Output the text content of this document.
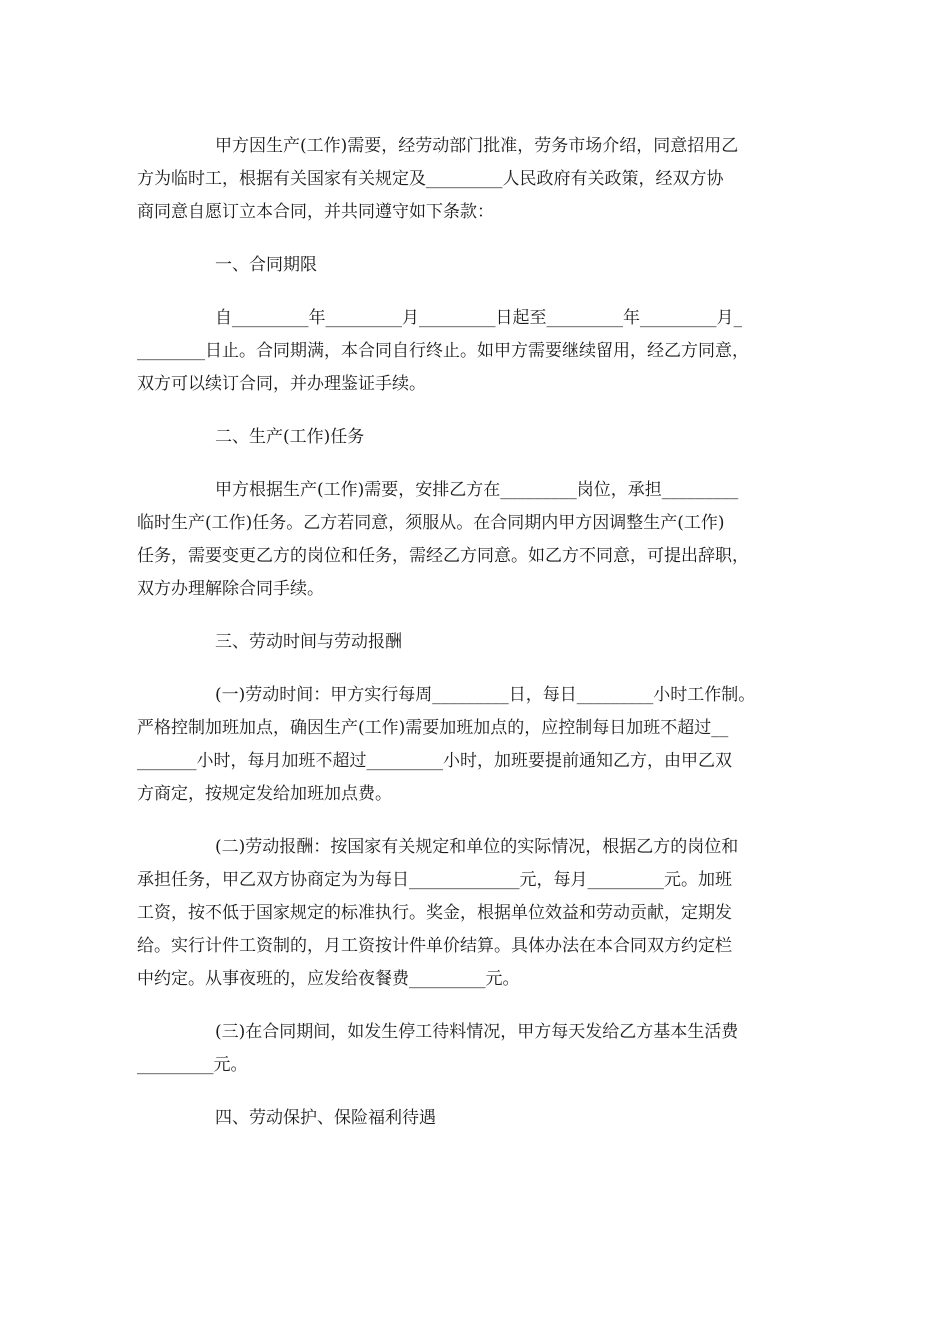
甲方因生产(工作)需要，经劳动部门批准，劳务市场介绍，同意招用乙
方为临时工，根据有关国家有关规定及_________人民政府有关政策，经双方协
商同意自愿订立本合同，并共同遵守如下条款：

一、合同期限

自_________年_________月_________日起至_________年_________月_
________日止。合同期满，本合同自行终止。如甲方需要继续留用，经乙方同意，
双方可以续订合同，并办理鉴证手续。

二、生产(工作)任务

甲方根据生产(工作)需要，安排乙方在_________岗位，承担_________
临时生产(工作)任务。乙方若同意，须服从。在合同期内甲方因调整生产(工作)
任务，需要变更乙方的岗位和任务，需经乙方同意。如乙方不同意，可提出辞职，
双方办理解除合同手续。

三、劳动时间与劳动报酬

(一)劳动时间：甲方实行每周_________日，每日_________小时工作制。
严格控制加班加点，确因生产(工作)需要加班加点的，应控制每日加班不超过__
_______小时，每月加班不超过_________小时，加班要提前通知乙方，由甲乙双
方商定，按规定发给加班加点费。

(二)劳动报酬：按国家有关规定和单位的实际情况，根据乙方的岗位和
承担任务，甲乙双方协商定为为每日_____________元，每月_________元。加班
工资，按不低于国家规定的标准执行。奖金，根据单位效益和劳动贡献，定期发
给。实行计件工资制的，月工资按计件单价结算。具体办法在本合同双方约定栏
中约定。从事夜班的，应发给夜餐费_________元。

(三)在合同期间，如发生停工待料情况，甲方每天发给乙方基本生活费
_________元。

四、劳动保护、保险福利待遇
